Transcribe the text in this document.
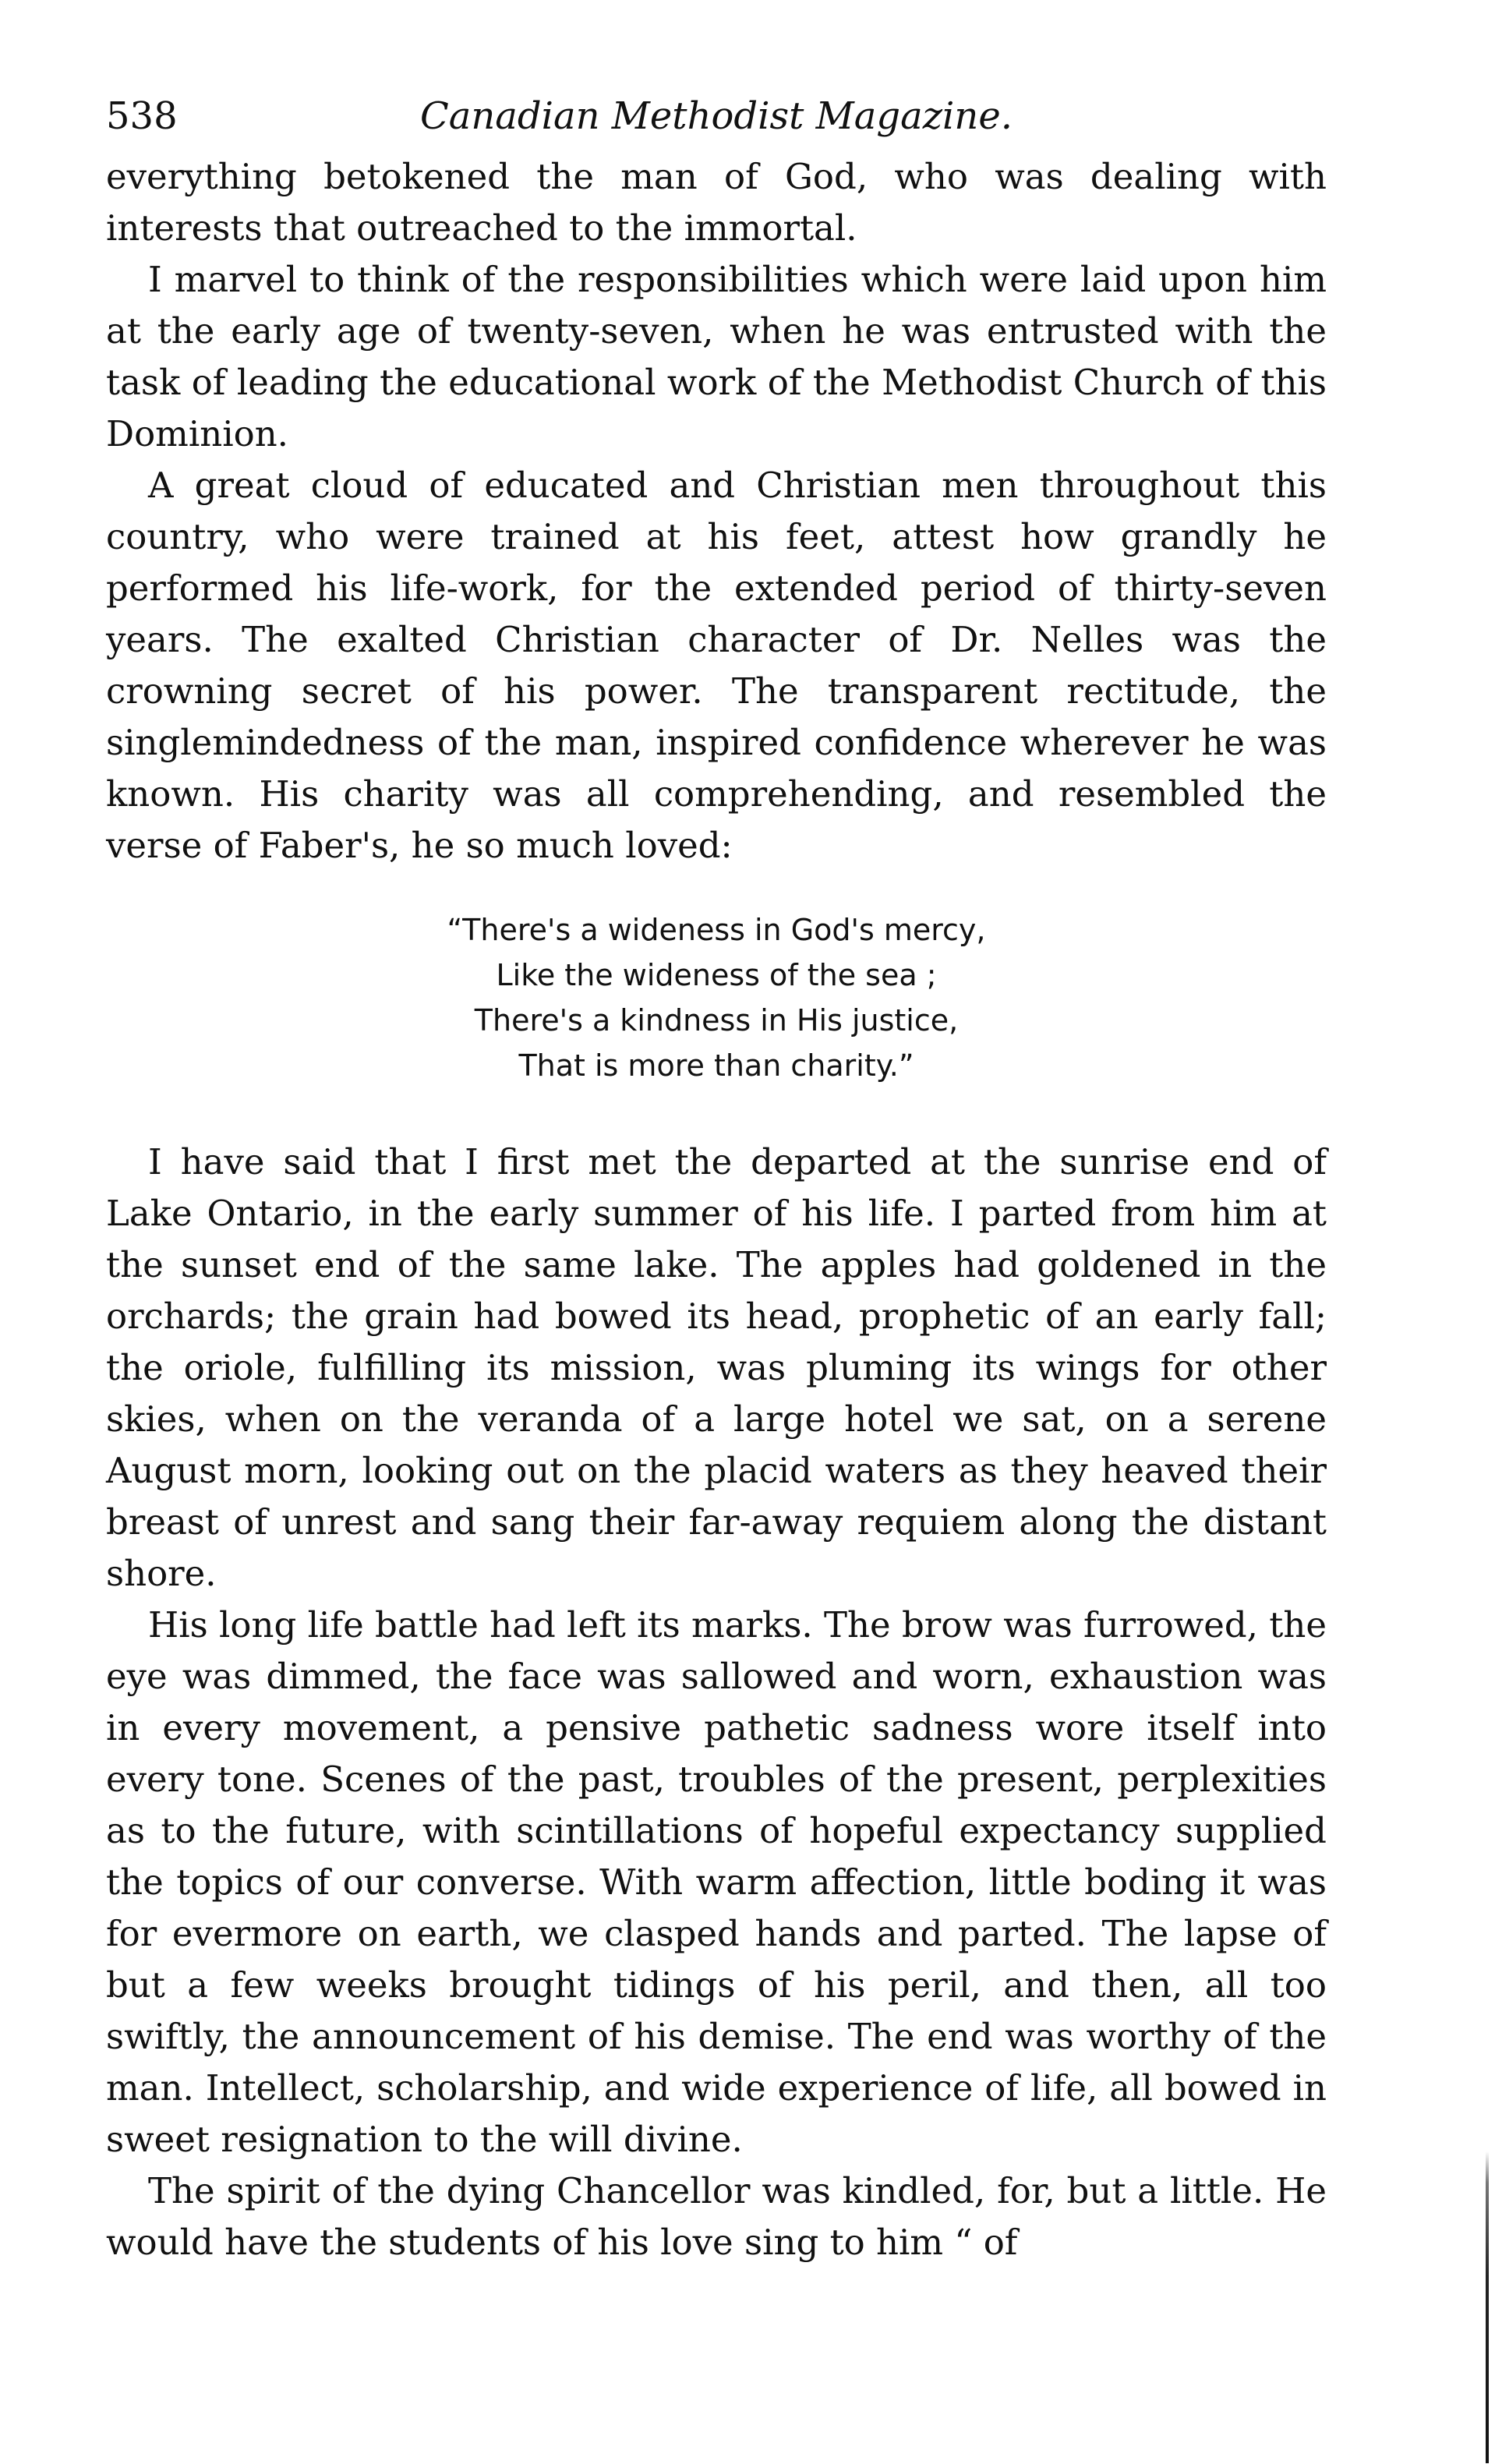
538	Canadian Methodist Magazine.

everything betokened the man of God, who was dealing with interests that outreached to the immortal.

I marvel to think of the responsibilities which were laid upon him at the early age of twenty-seven, when he was entrusted with the task of leading the educational work of the Methodist Church of this Dominion.

A great cloud of educated and Christian men throughout this country, who were trained at his feet, attest how grandly he performed his life-work, for the extended period of thirty-seven years. The exalted Christian character of Dr. Nelles was the crowning secret of his power. The transparent rectitude, the singlemindedness of the man, inspired confidence wherever he was known. His charity was all comprehending, and resembled the verse of Faber's, he so much loved:

“There's a wideness in God's mercy,
Like the wideness of the sea ;
There's a kindness in His justice,
That is more than charity.”

I have said that I first met the departed at the sunrise end of Lake Ontario, in the early summer of his life. I parted from him at the sunset end of the same lake. The apples had goldened in the orchards; the grain had bowed its head, prophetic of an early fall; the oriole, fulfilling its mission, was pluming its wings for other skies, when on the veranda of a large hotel we sat, on a serene August morn, looking out on the placid waters as they heaved their breast of unrest and sang their far-away requiem along the distant shore.

His long life battle had left its marks. The brow was furrowed, the eye was dimmed, the face was sallowed and worn, exhaustion was in every movement, a pensive pathetic sadness wore itself into every tone. Scenes of the past, troubles of the present, perplexities as to the future, with scintillations of hopeful expectancy supplied the topics of our converse. With warm affection, little boding it was for evermore on earth, we clasped hands and parted. The lapse of but a few weeks brought tidings of his peril, and then, all too swiftly, the announcement of his demise. The end was worthy of the man. Intellect, scholarship, and wide experience of life, all bowed in sweet resignation to the will divine.

The spirit of the dying Chancellor was kindled, for, but a little. He would have the students of his love sing to him “ of
